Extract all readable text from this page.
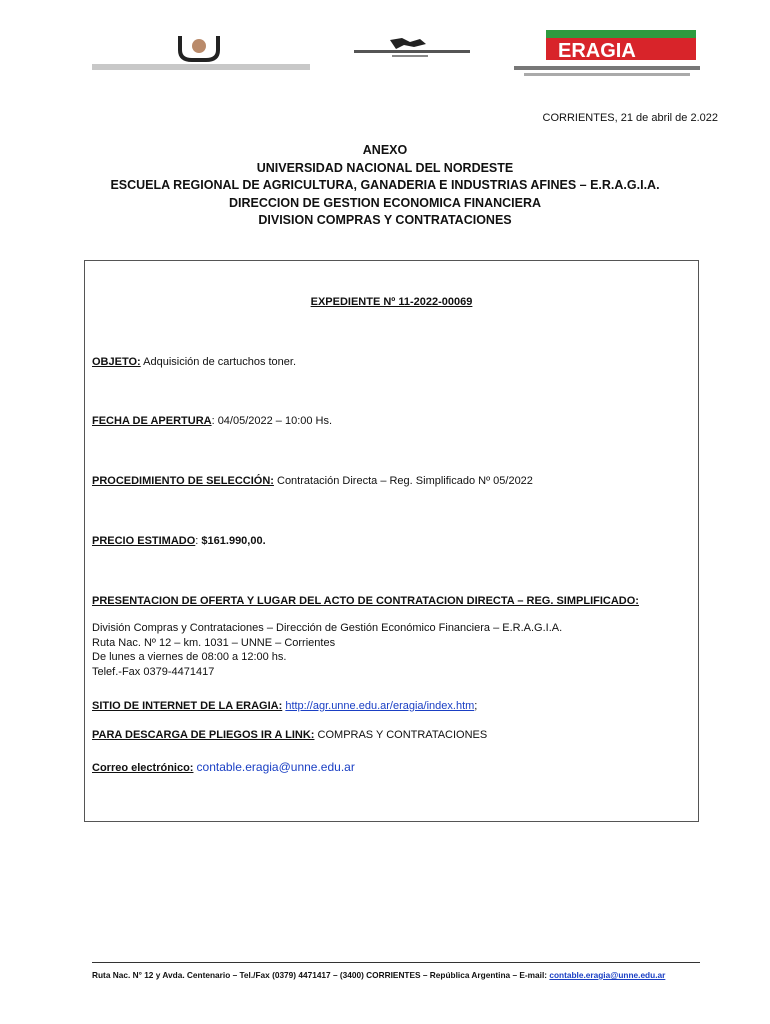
ERAGIA
CORRIENTES, 21 de abril de 2.022
ANEXO
UNIVERSIDAD NACIONAL DEL NORDESTE
ESCUELA REGIONAL DE AGRICULTURA, GANADERIA E INDUSTRIAS AFINES – E.R.A.G.I.A.
DIRECCION DE GESTION ECONOMICA FINANCIERA
DIVISION COMPRAS Y CONTRATACIONES
EXPEDIENTE Nº 11-2022-00069
OBJETO: Adquisición de cartuchos toner.
FECHA DE APERTURA: 04/05/2022 – 10:00 Hs.
PROCEDIMIENTO DE SELECCIÓN: Contratación Directa – Reg. Simplificado Nº 05/2022
PRECIO ESTIMADO: $161.990,00.
PRESENTACION DE OFERTA Y LUGAR DEL ACTO DE CONTRATACION DIRECTA – REG. SIMPLIFICADO:
División Compras y Contrataciones – Dirección de Gestión Económico Financiera – E.R.A.G.I.A.
Ruta Nac. Nº 12 – km. 1031 – UNNE – Corrientes
De lunes a viernes de 08:00 a 12:00 hs.
Telef.-Fax 0379-4471417
SITIO DE INTERNET DE LA ERAGIA: http://agr.unne.edu.ar/eragia/index.htm;
PARA DESCARGA DE PLIEGOS IR A LINK: COMPRAS Y CONTRATACIONES
Correo electrónico: contable.eragia@unne.edu.ar
Ruta Nac. N° 12 y Avda. Centenario – Tel./Fax (0379) 4471417 – (3400) CORRIENTES – República Argentina – E-mail: contable.eragia@unne.edu.ar
